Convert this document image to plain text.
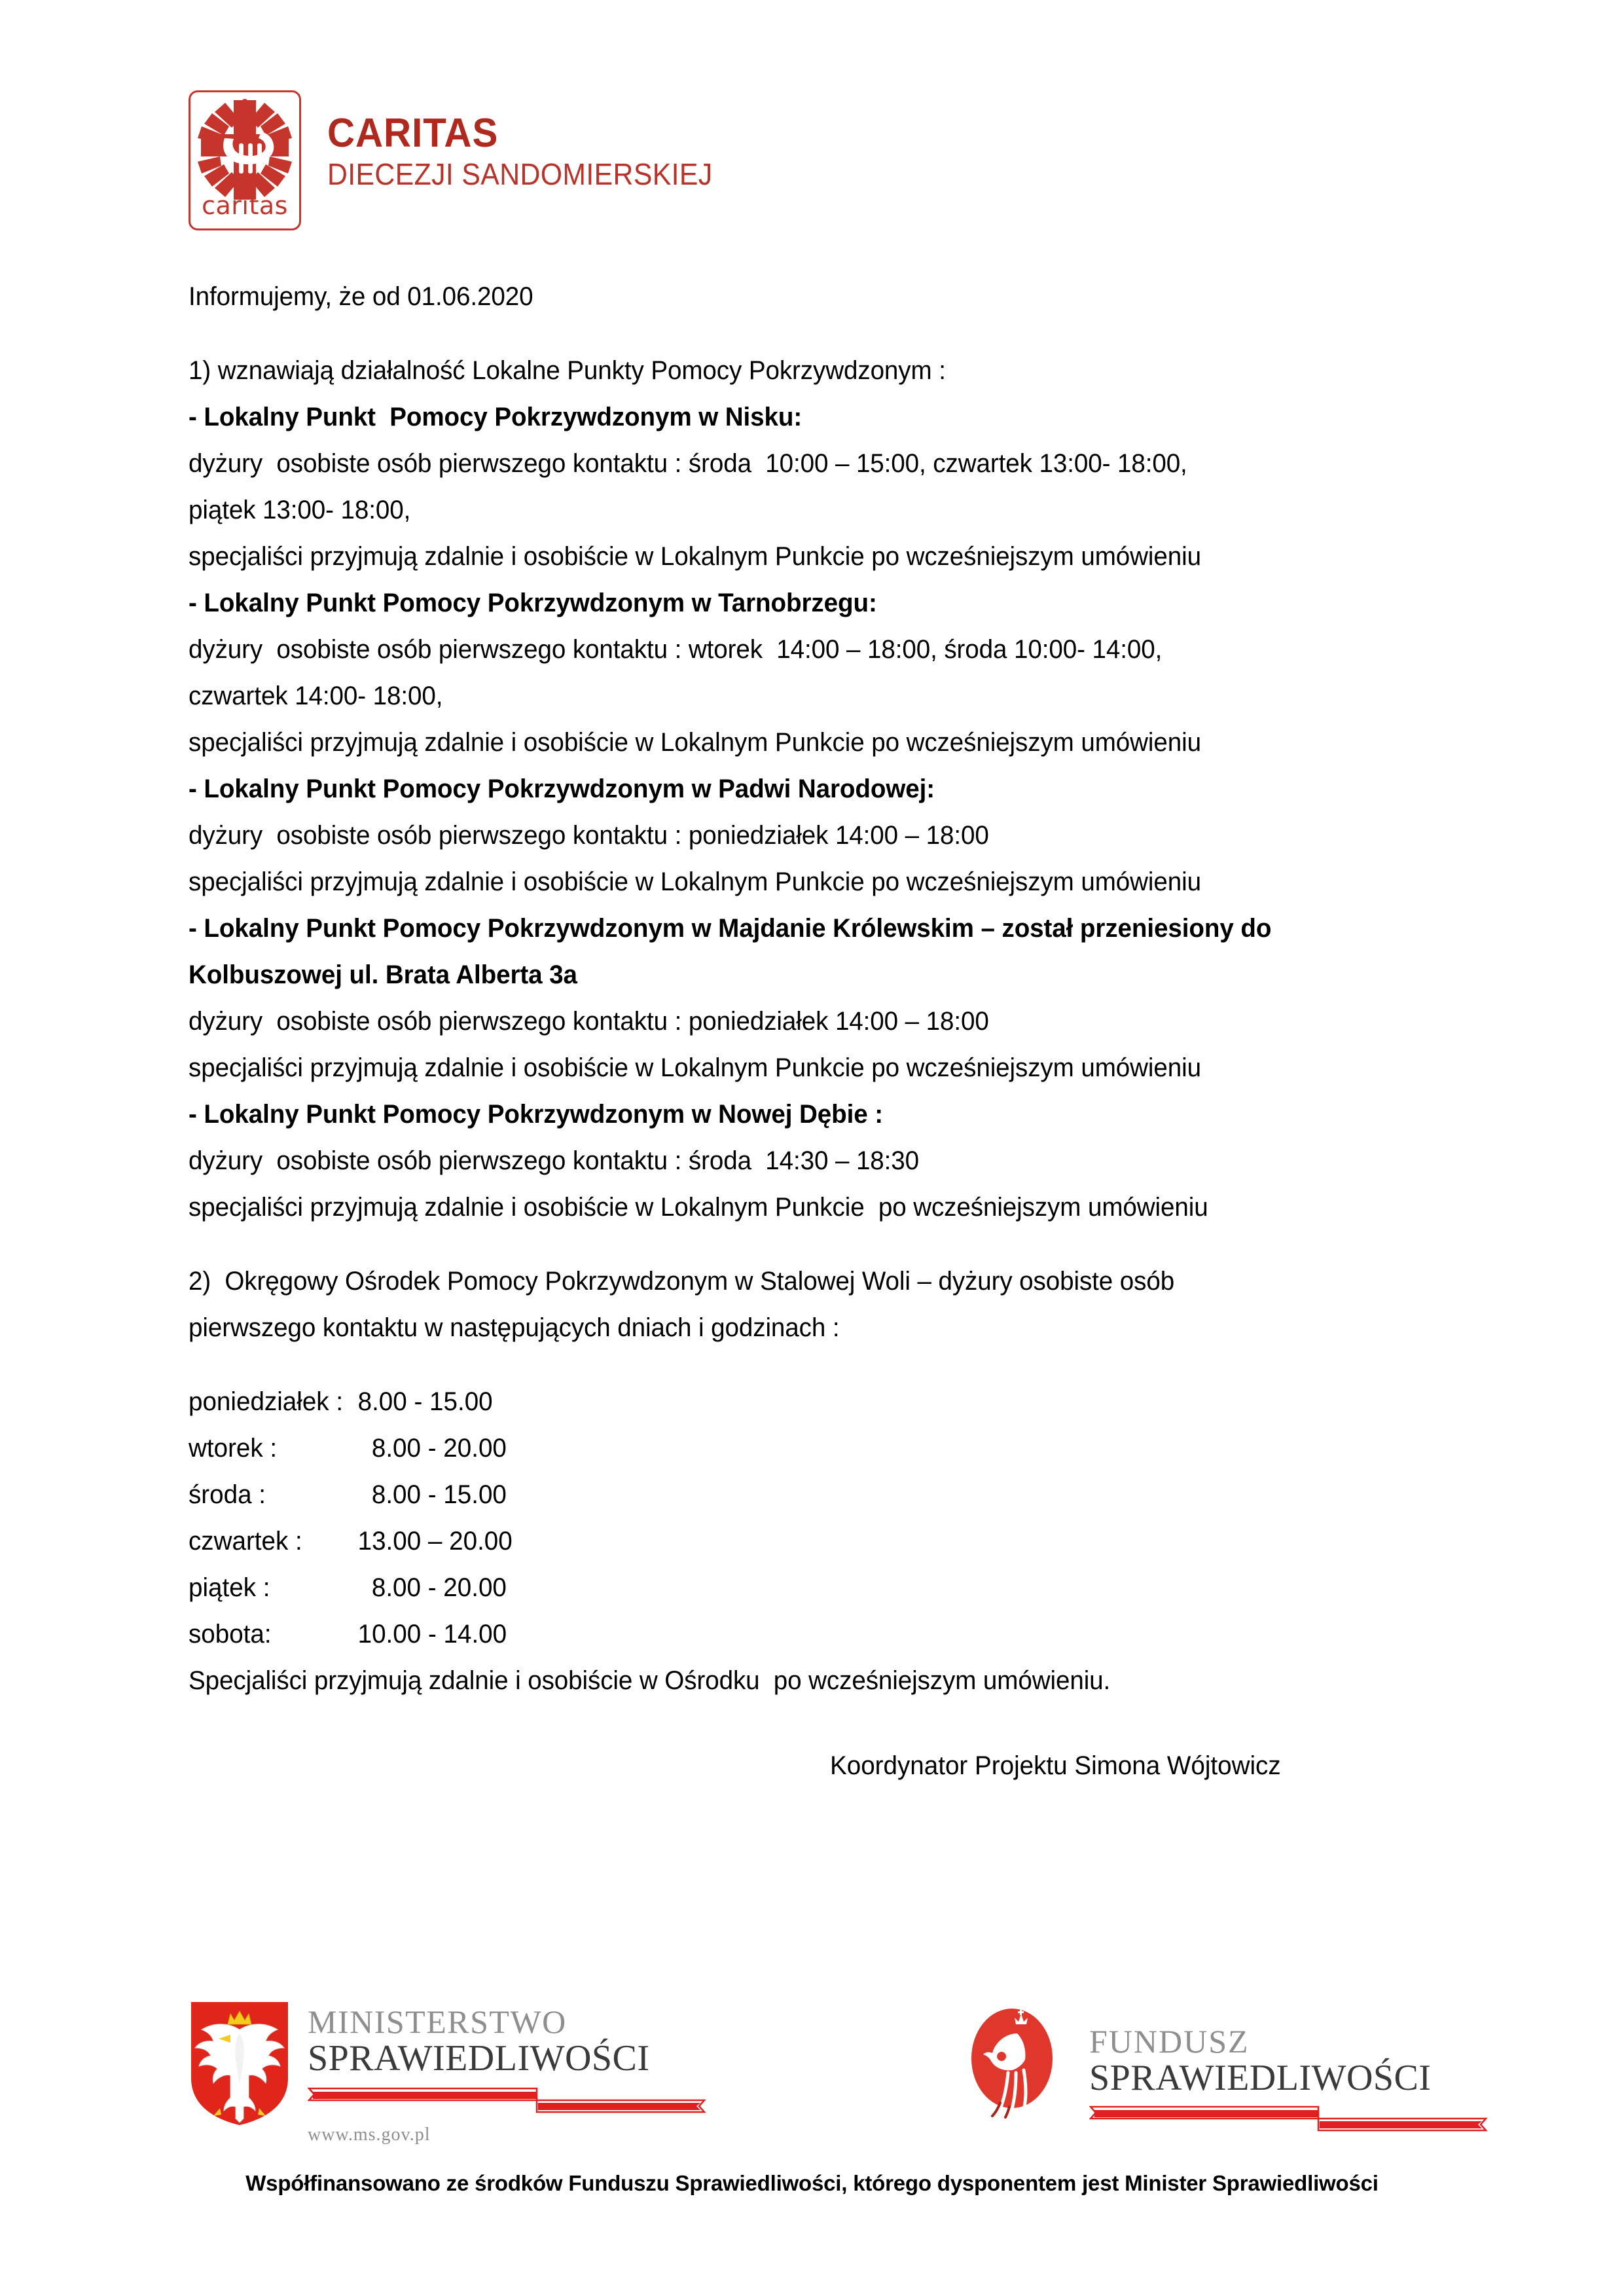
caritas
CARITAS
DIECEZJI SANDOMIERSKIEJ
Informujemy, że od 01.06.2020
1) wznawiają działalność Lokalne Punkty Pomocy Pokrzywdzonym :
- Lokalny Punkt  Pomocy Pokrzywdzonym w Nisku:
dyżury  osobiste osób pierwszego kontaktu : środa  10:00 – 15:00, czwartek 13:00- 18:00,
piątek 13:00- 18:00,
specjaliści przyjmują zdalnie i osobiście w Lokalnym Punkcie po wcześniejszym umówieniu
- Lokalny Punkt Pomocy Pokrzywdzonym w Tarnobrzegu:
dyżury  osobiste osób pierwszego kontaktu : wtorek  14:00 – 18:00, środa 10:00- 14:00,
czwartek 14:00- 18:00,
specjaliści przyjmują zdalnie i osobiście w Lokalnym Punkcie po wcześniejszym umówieniu
- Lokalny Punkt Pomocy Pokrzywdzonym w Padwi Narodowej:
dyżury  osobiste osób pierwszego kontaktu : poniedziałek 14:00 – 18:00
specjaliści przyjmują zdalnie i osobiście w Lokalnym Punkcie po wcześniejszym umówieniu
- Lokalny Punkt Pomocy Pokrzywdzonym w Majdanie Królewskim – został przeniesiony do
Kolbuszowej ul. Brata Alberta 3a
dyżury  osobiste osób pierwszego kontaktu : poniedziałek 14:00 – 18:00
specjaliści przyjmują zdalnie i osobiście w Lokalnym Punkcie po wcześniejszym umówieniu
- Lokalny Punkt Pomocy Pokrzywdzonym w Nowej Dębie :
dyżury  osobiste osób pierwszego kontaktu : środa  14:30 – 18:30
specjaliści przyjmują zdalnie i osobiście w Lokalnym Punkcie  po wcześniejszym umówieniu
2)  Okręgowy Ośrodek Pomocy Pokrzywdzonym w Stalowej Woli – dyżury osobiste osób
pierwszego kontaktu w następujących dniach i godzinach :
poniedziałek : 8.00 - 15.00
wtorek :	8.00 - 20.00
środa :	8.00 - 15.00
czwartek :	13.00 – 20.00
piątek :	8.00 - 20.00
sobota:	10.00 - 14.00
Specjaliści przyjmują zdalnie i osobiście w Ośrodku  po wcześniejszym umówieniu.
Koordynator Projektu Simona Wójtowicz
MINISTERSTWO
SPRAWIEDLIWOŚCI
www.ms.gov.pl
FUNDUSZ
SPRAWIEDLIWOŚCI
Współfinansowano ze środków Funduszu Sprawiedliwości, którego dysponentem jest Minister Sprawiedliwości
